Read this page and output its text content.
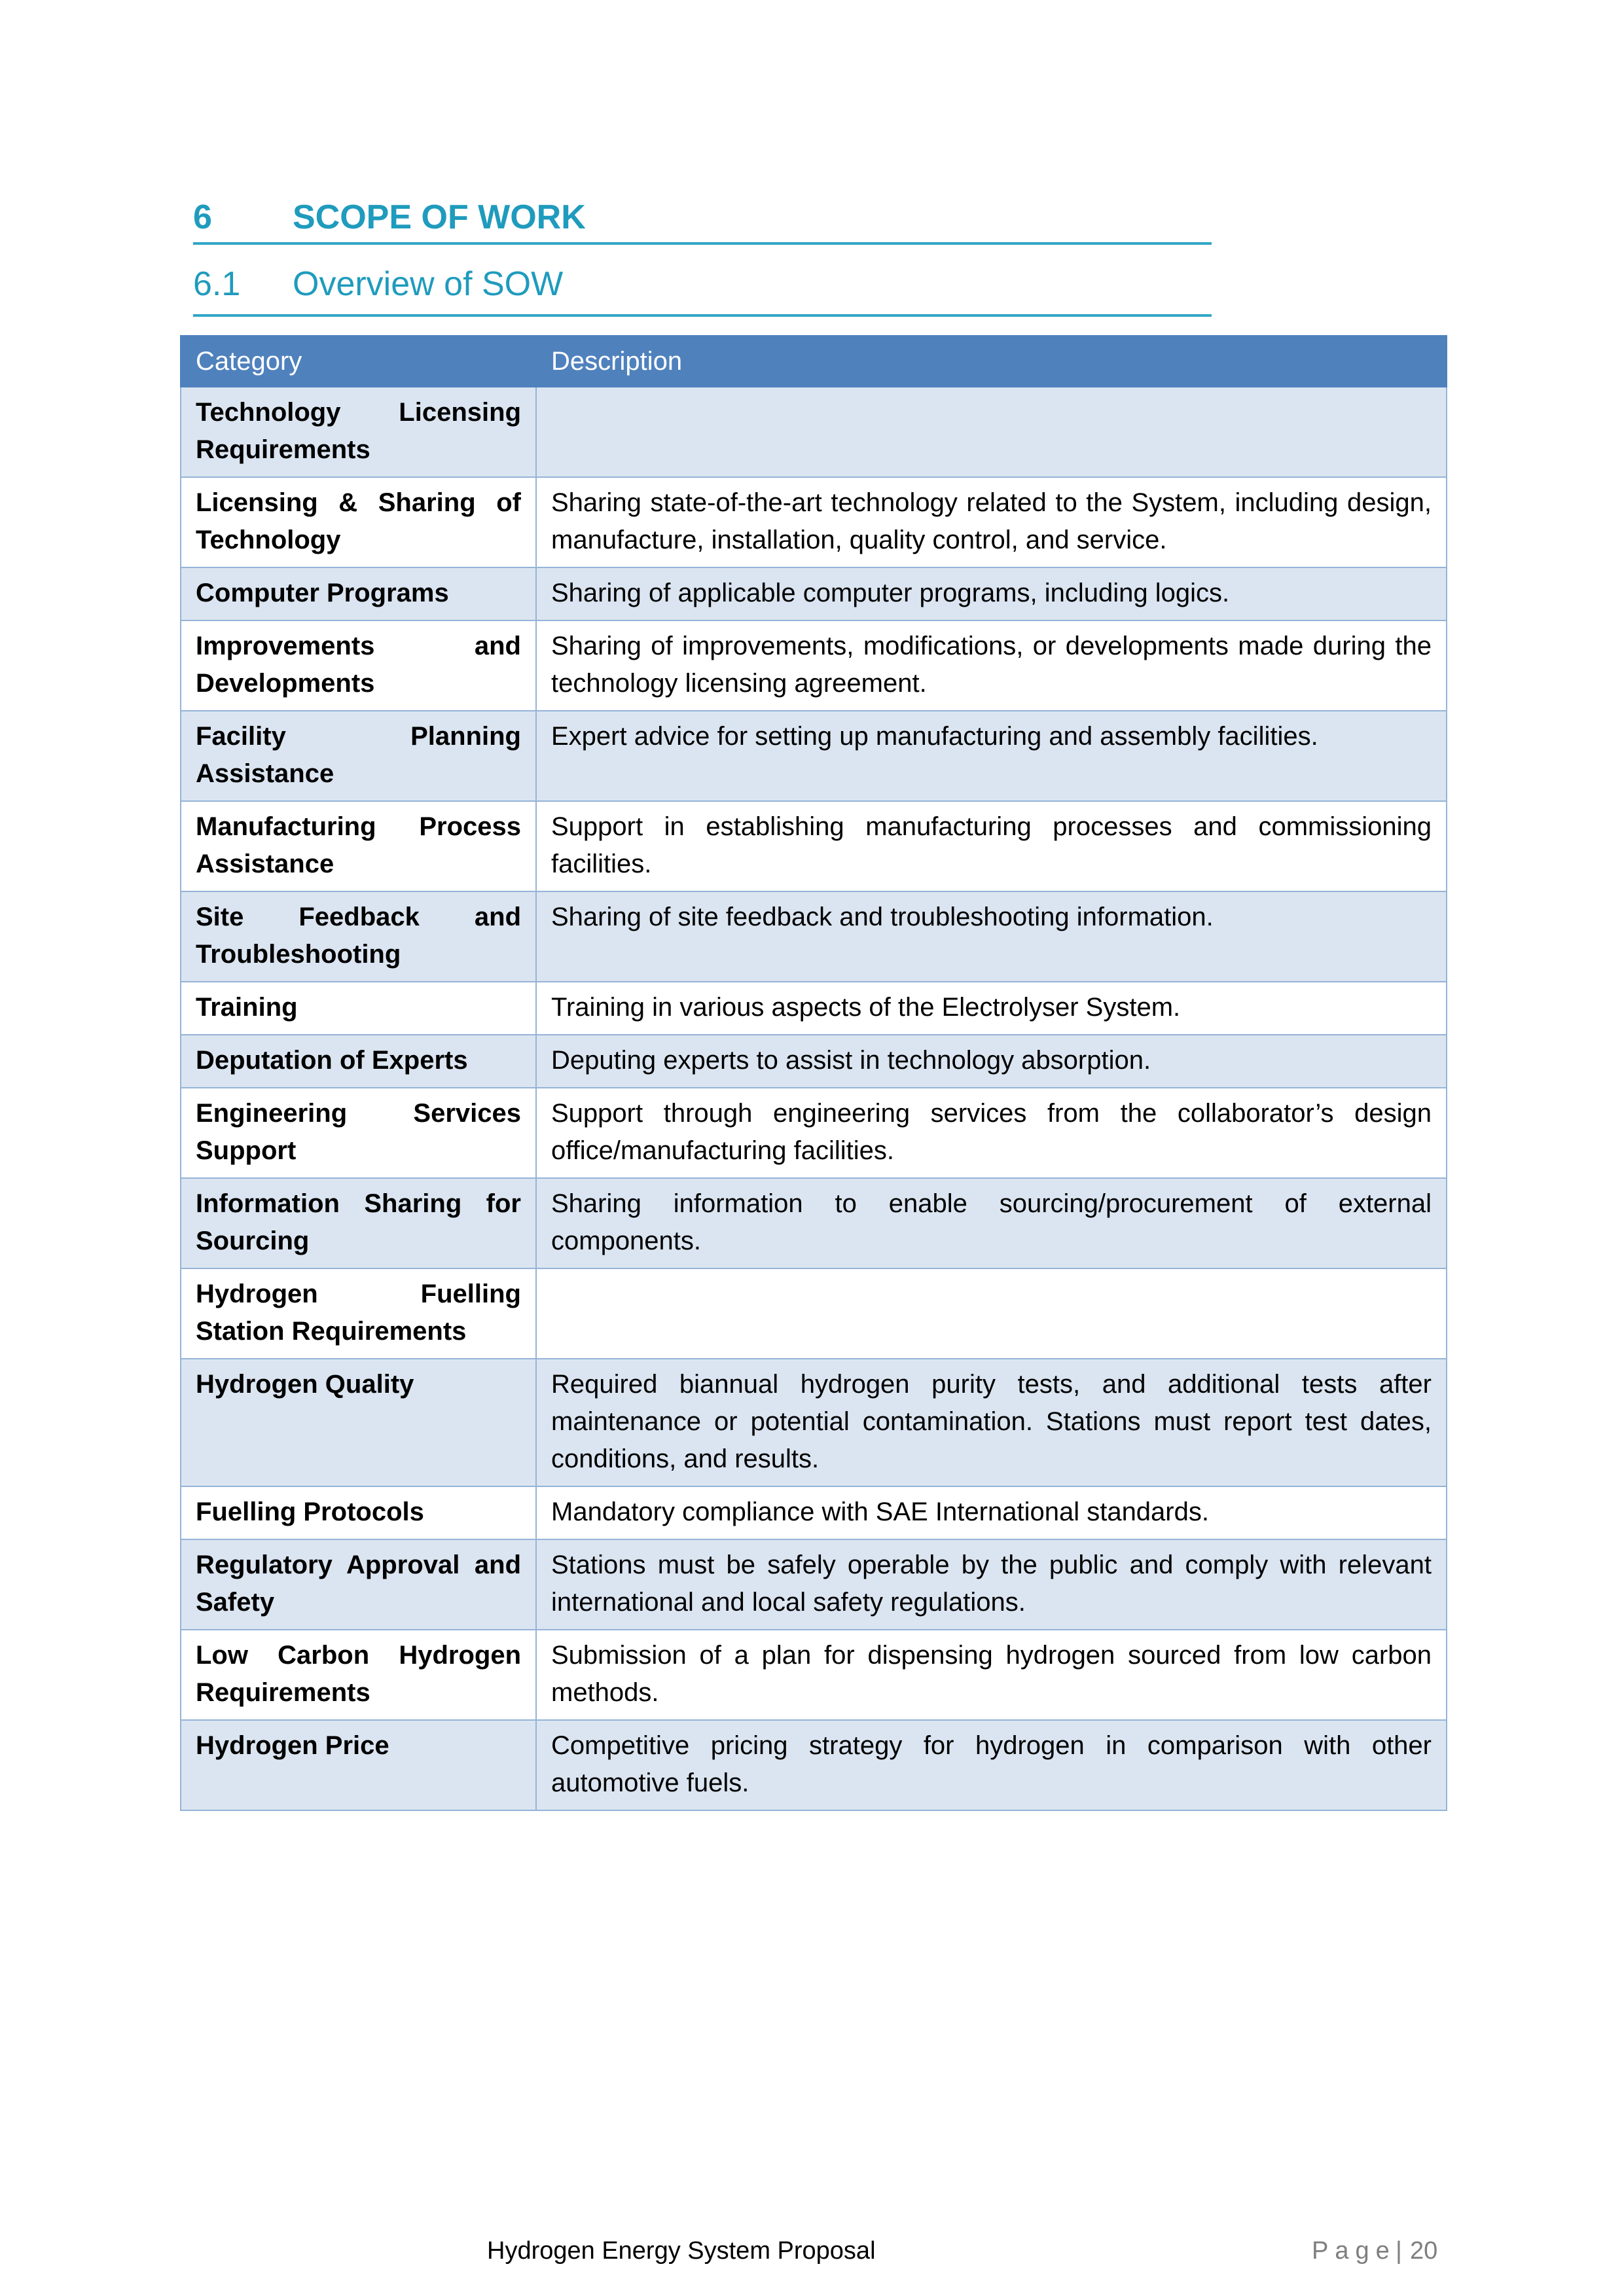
6 SCOPE OF WORK
6.1 Overview of SOW
Category	Description
Technology Licensing Requirements	
Licensing & Sharing of Technology	Sharing state-of-the-art technology related to the System, including design, manufacture, installation, quality control, and service.
Computer Programs	Sharing of applicable computer programs, including logics.
Improvements and Developments	Sharing of improvements, modifications, or developments made during the technology licensing agreement.
Facility Planning Assistance	Expert advice for setting up manufacturing and assembly facilities.
Manufacturing Process Assistance	Support in establishing manufacturing processes and commissioning facilities.
Site Feedback and Troubleshooting	Sharing of site feedback and troubleshooting information.
Training	Training in various aspects of the Electrolyser System.
Deputation of Experts	Deputing experts to assist in technology absorption.
Engineering Services Support	Support through engineering services from the collaborator’s design office/manufacturing facilities.
Information Sharing for Sourcing	Sharing information to enable sourcing/procurement of external components.
Hydrogen Fuelling Station Requirements	
Hydrogen Quality	Required biannual hydrogen purity tests, and additional tests after maintenance or potential contamination. Stations must report test dates, conditions, and results.
Fuelling Protocols	Mandatory compliance with SAE International standards.
Regulatory Approval and Safety	Stations must be safely operable by the public and comply with relevant international and local safety regulations.
Low Carbon Hydrogen Requirements	Submission of a plan for dispensing hydrogen sourced from low carbon methods.
Hydrogen Price	Competitive pricing strategy for hydrogen in comparison with other automotive fuels.
Hydrogen Energy System Proposal	Page | 20
